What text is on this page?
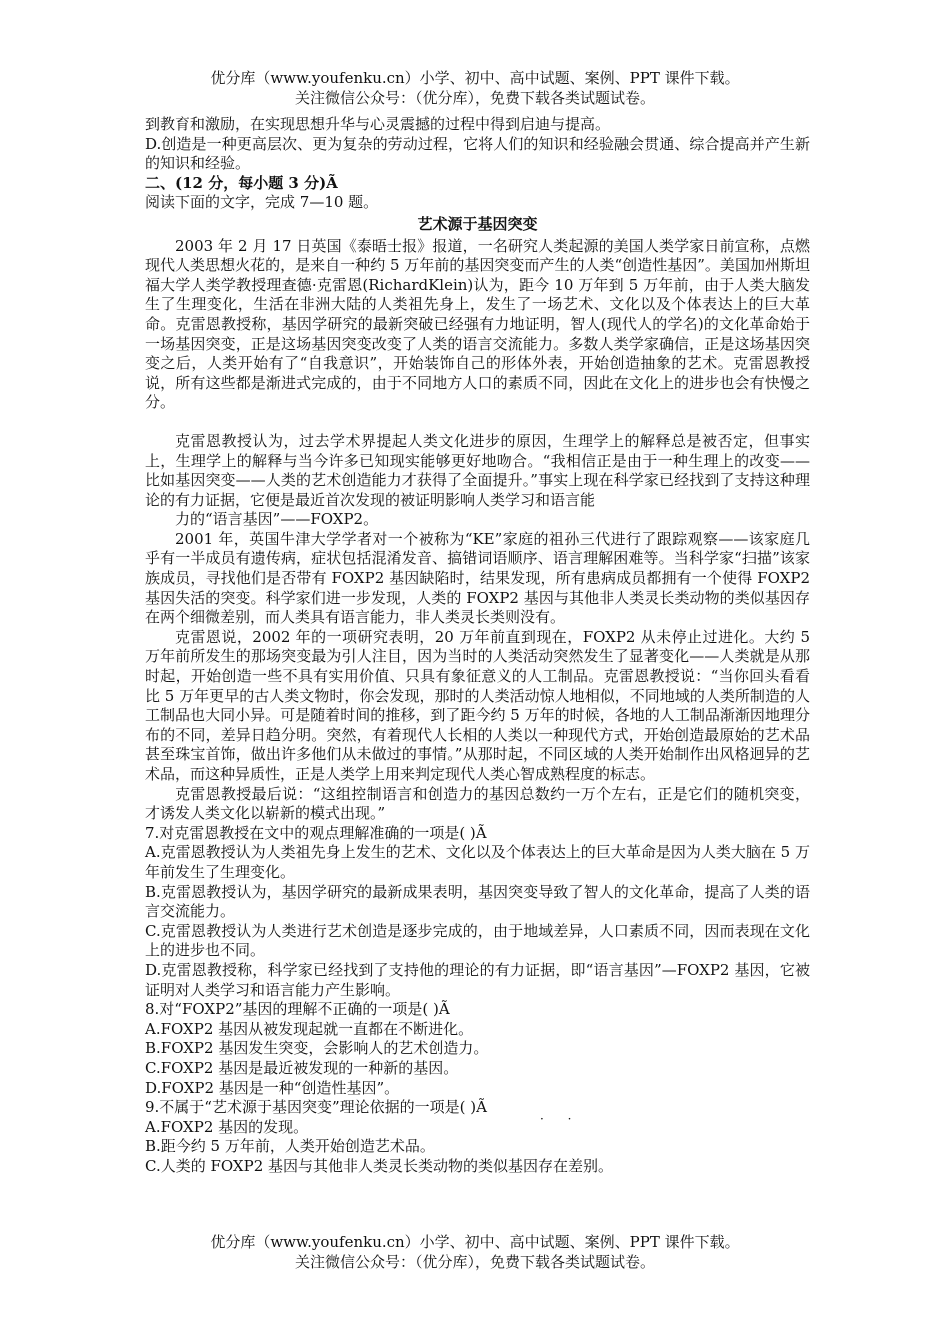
优分库（www.youfenku.cn）小学、初中、高中试题、案例、PPT 课件下载。
关注微信公众号：（优分库），免费下载各类试题试卷。

到教育和激励，在实现思想升华与心灵震撼的过程中得到启迪与提高。

D.创造是一种更高层次、更为复杂的劳动过程，它将人们的知识和经验融会贯通、综合提高并产生新的知识和经验。

二、(12 分，每小题 3 分)Ã

阅读下面的文字，完成 7—10 题。

艺术源于基因突变

2003 年 2 月 17 日英国《泰晤士报》报道，一名研究人类起源的美国人类学家日前宣称，点燃现代人类思想火花的，是来自一种约 5 万年前的基因突变而产生的人类“创造性基因”。美国加州斯坦福大学人类学教授理查德·克雷恩(RichardKlein)认为，距今 10 万年到 5 万年前，由于人类大脑发生了生理变化，生活在非洲大陆的人类祖先身上，发生了一场艺术、文化以及个体表达上的巨大革命。克雷恩教授称，基因学研究的最新突破已经强有力地证明，智人(现代人的学名)的文化革命始于一场基因突变，正是这场基因突变改变了人类的语言交流能力。多数人类学家确信，正是这场基因突变之后，人类开始有了“自我意识”，开始装饰自己的形体外表，开始创造抽象的艺术。克雷恩教授说，所有这些都是渐进式完成的，由于不同地方人口的素质不同，因此在文化上的进步也会有快慢之分。

克雷恩教授认为，过去学术界提起人类文化进步的原因，生理学上的解释总是被否定，但事实上，生理学上的解释与当今许多已知现实能够更好地吻合。“我相信正是由于一种生理上的改变——比如基因突变——人类的艺术创造能力才获得了全面提升。”事实上现在科学家已经找到了支持这种理论的有力证据，它便是最近首次发现的被证明影响人类学习和语言能

力的“语言基因”——FOXP2。

2001 年，英国牛津大学学者对一个被称为“KE”家庭的祖孙三代进行了跟踪观察——该家庭几乎有一半成员有遗传病，症状包括混淆发音、搞错词语顺序、语言理解困难等。当科学家“扫描”该家族成员，寻找他们是否带有 FOXP2 基因缺陷时，结果发现，所有患病成员都拥有一个使得 FOXP2 基因失活的突变。科学家们进一步发现，人类的 FOXP2 基因与其他非人类灵长类动物的类似基因存在两个细微差别，而人类具有语言能力，非人类灵长类则没有。

克雷恩说，2002 年的一项研究表明，20 万年前直到现在，FOXP2 从未停止过进化。大约 5 万年前所发生的那场突变最为引人注目，因为当时的人类活动突然发生了显著变化——人类就是从那时起，开始创造一些不具有实用价值、只具有象征意义的人工制品。克雷恩教授说：“当你回头看看比 5 万年更早的古人类文物时，你会发现，那时的人类活动惊人地相似，不同地域的人类所制造的人工制品也大同小异。可是随着时间的推移，到了距今约 5 万年的时候，各地的人工制品渐渐因地理分布的不同，差异日趋分明。突然，有着现代人长相的人类以一种现代方式，开始创造最原始的艺术品甚至珠宝首饰，做出许多他们从未做过的事情。”从那时起，不同区域的人类开始制作出风格迥异的艺术品，而这种异质性，正是人类学上用来判定现代人类心智成熟程度的标志。

克雷恩教授最后说：“这组控制语言和创造力的基因总数约一万个左右，正是它们的随机突变，才诱发人类文化以崭新的模式出现。”

7.对克雷恩教授在文中的观点理解准确的一项是( )Ã

A.克雷恩教授认为人类祖先身上发生的艺术、文化以及个体表达上的巨大革命是因为人类大脑在 5 万年前发生了生理变化。

B.克雷恩教授认为，基因学研究的最新成果表明，基因突变导致了智人的文化革命，提高了人类的语言交流能力。

C.克雷恩教授认为人类进行艺术创造是逐步完成的，由于地域差异，人口素质不同，因而表现在文化上的进步也不同。

D.克雷恩教授称，科学家已经找到了支持他的理论的有力证据，即“语言基因”—FOXP2 基因，它被证明对人类学习和语言能力产生影响。

8.对“FOXP2”基因的理解不正确的一项是( )Ã

A.FOXP2 基因从被发现起就一直都在不断进化。

B.FOXP2 基因发生突变，会影响人的艺术创造力。

C.FOXP2 基因是最近被发现的一种新的基因。

D.FOXP2 基因是一种“创造性基因”。

9.不属于“艺术源于基因突变”理论依据的一项是( )Ã

· ·

A.FOXP2 基因的发现。

B.距今约 5 万年前，人类开始创造艺术品。

C.人类的 FOXP2 基因与其他非人类灵长类动物的类似基因存在差别。

优分库（www.youfenku.cn）小学、初中、高中试题、案例、PPT 课件下载。
关注微信公众号：（优分库），免费下载各类试题试卷。
